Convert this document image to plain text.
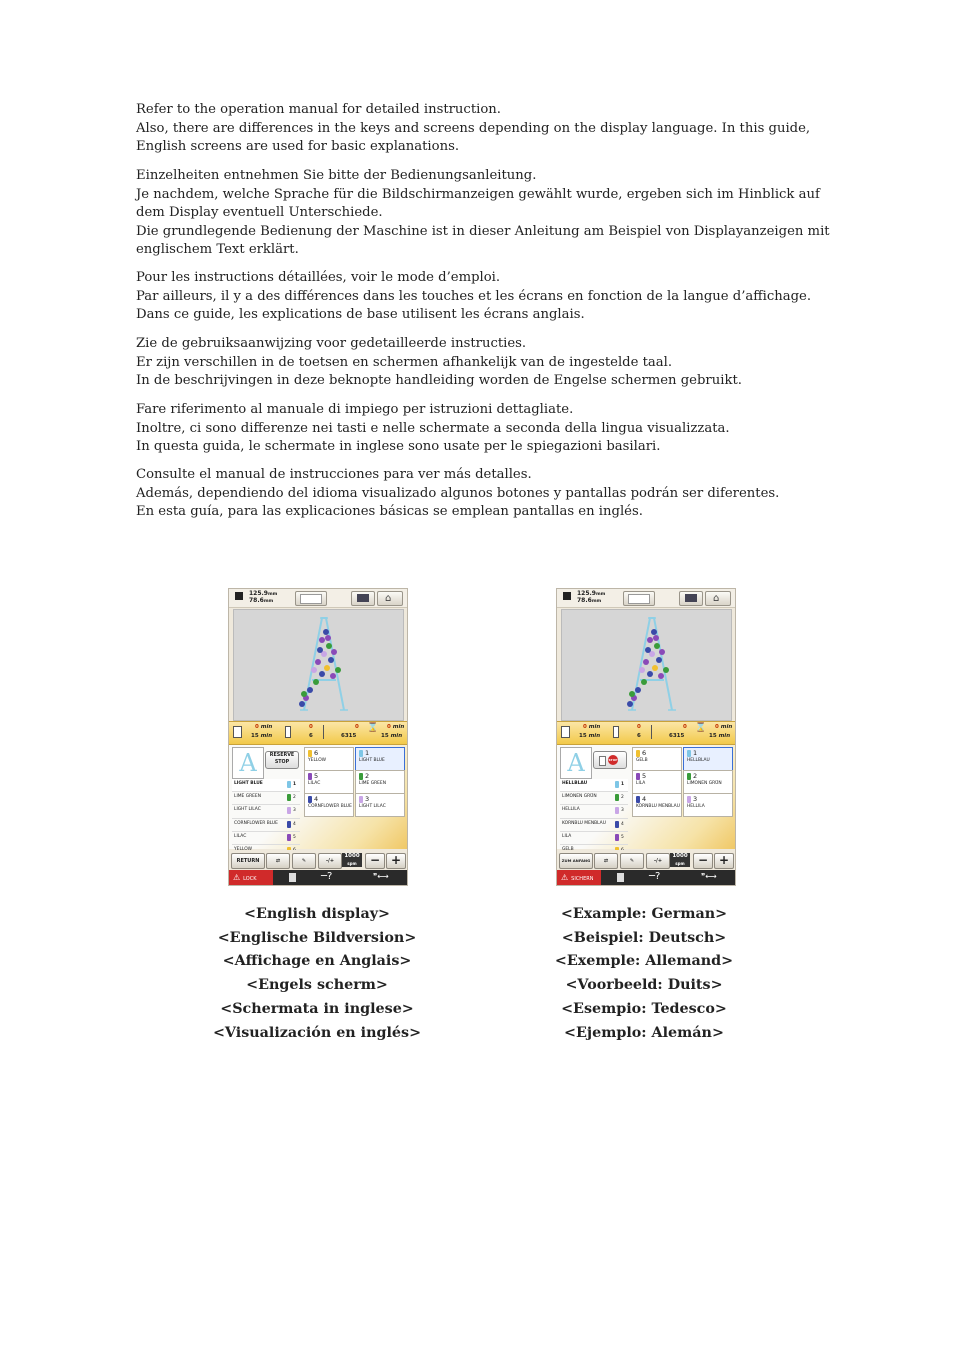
Refer to the operation manual for detailed instruction.
Also, there are differences in the keys and screens depending on the display language. In this guide,
English screens are used for basic explanations.
Einzelheiten entnehmen Sie bitte der Bedienungsanleitung.
Je nachdem, welche Sprache für die Bildschirmanzeigen gewählt wurde, ergeben sich im Hinblick auf
dem Display eventuell Unterschiede.
Die grundlegende Bedienung der Maschine ist in dieser Anleitung am Beispiel von Displayanzeigen mit
englischem Text erklärt.
Pour les instructions détaillées, voir le mode d’emploi.
Par ailleurs, il y a des différences dans les touches et les écrans en fonction de la langue d’affichage.
Dans ce guide, les explications de base utilisent les écrans anglais.
Zie de gebruiksaanwijzing voor gedetailleerde instructies.
Er zijn verschillen in de toetsen en schermen afhankelijk van de ingestelde taal.
In de beschrijvingen in deze beknopte handleiding worden de Engelse schermen gebruikt.
Fare riferimento al manuale di impiego per istruzioni dettagliate.
Inoltre, ci sono differenze nei tasti e nelle schermate a seconda della lingua visualizzata.
In questa guida, le schermate in inglese sono usate per le spiegazioni basilari.
Consulte el manual de instrucciones para ver más detalles.
Además, dependiendo del idioma visualizado algunos botones y pantallas podrán ser diferentes.
En esta guía, para las explicaciones básicas se emplean pantallas en inglés.
125.9mm
78.6mm	⌂
0 min
15 min
0
6
0
6315
⌛ 0 min
15 min
A	RESERVE
STOP
LIGHT BLUE	1
LIME GREEN	2
LIGHT LILAC	3
CORNFLOWER BLUE	4
LILAC	5
6
YELLOW
1
LIGHT BLUE
5
LILAC
2
LIME GREEN
4
CORNFLOWER BLUE
3
LIGHT LILAC
RETURN	⇄	✎	-/+
1000
spm	− +
⚠ LOCK	─?	❞⟷
125.9mm
78.6mm	⌂
0 min
15 min
0
6
0
6315
⌛ 0 min
15 min
A	STOP
HELLBLAU	1
LIMONEN GRÜN	2
HELLILA	3
KORNBLU MENBLAU	4
LILA	5
6
GELB
1
HELLBLAU
5
LILA
2
LIMONEN GRÜN
4
KORNBLU MENBLAU
3
HELLILA
ZUM ANFANG	⇄	✎	-/+
1000
spm	− +
⚠ SICHERN	─?	❞⟷
<English display>
<Englische Bildversion>
<Affichage en Anglais>
<Engels scherm>
<Schermata in inglese>
<Visualización en inglés>
<Example: German>
<Beispiel: Deutsch>
<Exemple: Allemand>
<Voorbeeld: Duits>
<Esempio: Tedesco>
<Ejemplo: Alemán>
